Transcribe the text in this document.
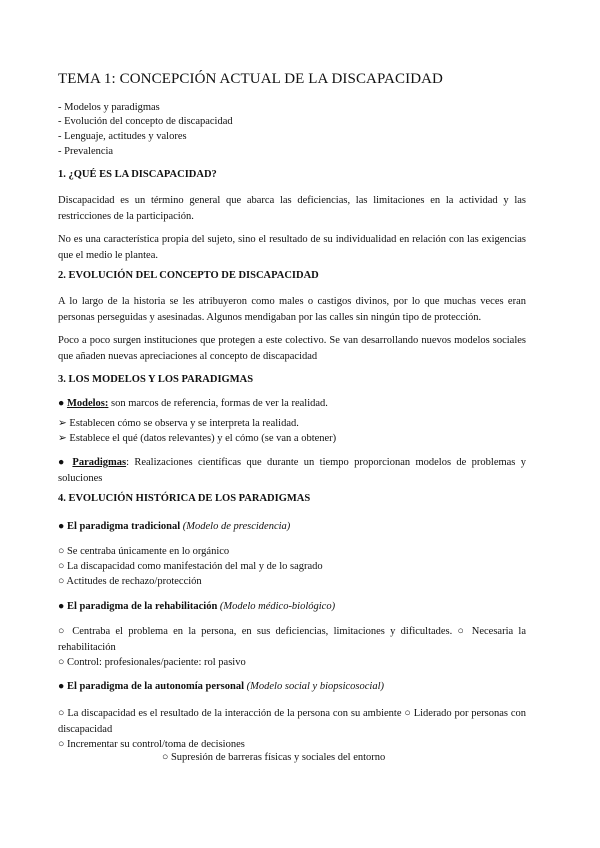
TEMA 1: CONCEPCIÓN ACTUAL DE LA DISCAPACIDAD
- Modelos y paradigmas
- Evolución del concepto de discapacidad
- Lenguaje, actitudes y valores
- Prevalencia
1. ¿QUÉ ES LA DISCAPACIDAD?
Discapacidad es un término general que abarca las deficiencias, las limitaciones en la actividad y las restricciones de la participación.
No es una característica propia del sujeto, sino el resultado de su individualidad en relación con las exigencias que el medio le plantea.
2. EVOLUCIÓN DEL CONCEPTO DE DISCAPACIDAD
A lo largo de la historia se les atribuyeron como males o castigos divinos, por lo que muchas veces eran personas perseguidas y asesinadas. Algunos mendigaban por las calles sin ningún tipo de protección.
Poco a poco surgen instituciones que protegen a este colectivo. Se van desarrollando nuevos modelos sociales que añaden nuevas apreciaciones al concepto de discapacidad
3. LOS MODELOS Y LOS PARADIGMAS
● Modelos: son marcos de referencia, formas de ver la realidad.
➢ Establecen cómo se observa y se interpreta la realidad.
➢ Establece el qué (datos relevantes) y el cómo (se van a obtener)
● Paradigmas: Realizaciones científicas que durante un tiempo proporcionan modelos de problemas y soluciones
4. EVOLUCIÓN HISTÓRICA DE LOS PARADIGMAS
● El paradigma tradicional (Modelo de prescidencia)
○ Se centraba únicamente en lo orgánico
○ La discapacidad como manifestación del mal y de lo sagrado
○ Actitudes de rechazo/protección
● El paradigma de la rehabilitación (Modelo médico-biológico)
○ Centraba el problema en la persona, en sus deficiencias, limitaciones y dificultades. ○ Necesaria la rehabilitación
○ Control: profesionales/paciente: rol pasivo
● El paradigma de la autonomía personal (Modelo social y biopsicosocial)
○ La discapacidad es el resultado de la interacción de la persona con su ambiente ○ Liderado por personas con discapacidad
○ Incrementar su control/toma de decisiones
○ Supresión de barreras físicas y sociales del entorno
